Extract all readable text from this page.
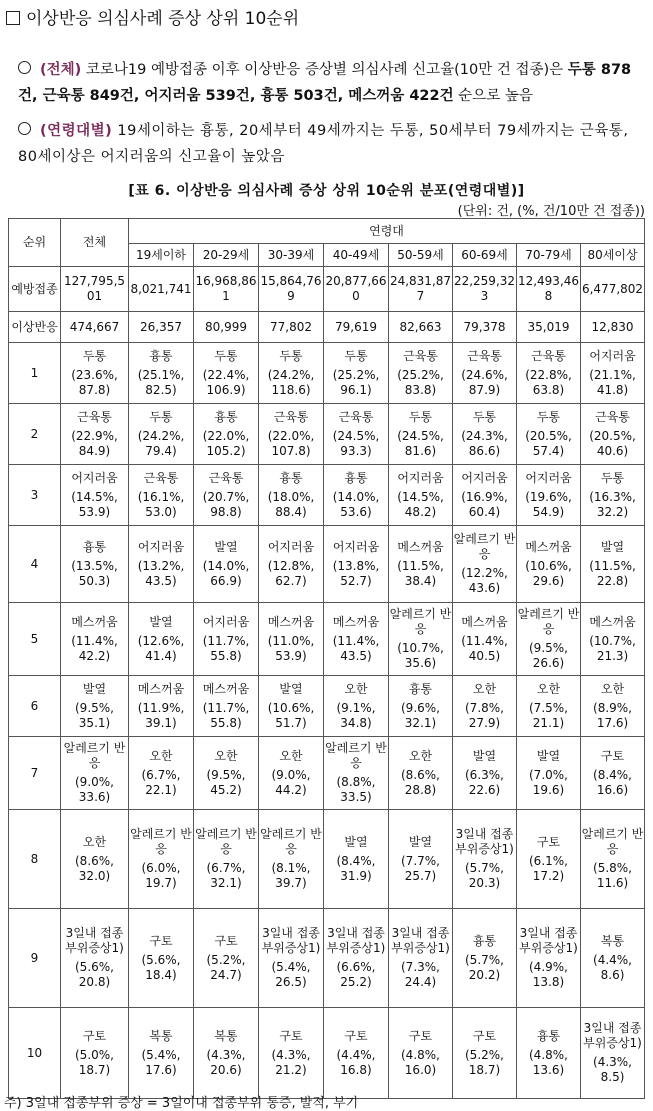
이상반응 의심사례 증상 상위 10순위
(전체) 코로나19 예방접종 이후 이상반응 증상별 의심사례 신고율(10만 건 접종)은 두통 878건, 근육통 849건, 어지러움 539건, 흉통 503건, 메스꺼움 422건 순으로 높음
(연령대별) 19세이하는 흉통, 20세부터 49세까지는 두통, 50세부터 79세까지는 근육통, 80세이상은 어지러움의 신고율이 높았음
[표 6. 이상반응 의심사례 증상 상위 10순위 분포(연령대별)]
(단위: 건, (%, 건/10만 건 접종))
순위	전체	연령대							
		19세이하	20-29세	30-39세	40-49세	50-59세	60-69세	70-79세	80세이상
예방접종	127,795,501	8,021,741	16,968,861	15,864,769	20,877,660	24,831,877	22,259,323	12,493,468	6,477,802
이상반응	474,667	26,357	80,999	77,802	79,619	82,663	79,378	35,019	12,830
1	두통
(23.6%,
87.8)	흉통
(25.1%,
82.5)	두통
(22.4%,
106.9)	두통
(24.2%,
118.6)	두통
(25.2%,
96.1)	근육통
(25.2%,
83.8)	근육통
(24.6%,
87.9)	근육통
(22.8%,
63.8)	어지러움
(21.1%,
41.8)

2	근육통
(22.9%,
84.9)	두통
(24.2%,
79.4)	흉통
(22.0%,
105.2)	근육통
(22.0%,
107.8)	근육통
(24.5%,
93.3)	두통
(24.5%,
81.6)	두통
(24.3%,
86.6)	두통
(20.5%,
57.4)	근육통
(20.5%,
40.6)

3	어지러움
(14.5%,
53.9)	근육통
(16.1%,
53.0)	근육통
(20.7%,
98.8)	흉통
(18.0%,
88.4)	흉통
(14.0%,
53.6)	어지러움
(14.5%,
48.2)	어지러움
(16.9%,
60.4)	어지러움
(19.6%,
54.9)	두통
(16.3%,
32.2)

4	흉통
(13.5%,
50.3)	어지러움
(13.2%,
43.5)	발열
(14.0%,
66.9)	어지러움
(12.8%,
62.7)	어지러움
(13.8%,
52.7)	메스꺼움
(11.5%,
38.4)	알레르기 반응
(12.2%,
43.6)	메스꺼움
(10.6%,
29.6)	발열
(11.5%,
22.8)

5	메스꺼움
(11.4%,
42.2)	발열
(12.6%,
41.4)	어지러움
(11.7%,
55.8)	메스꺼움
(11.0%,
53.9)	메스꺼움
(11.4%,
43.5)	알레르기 반응
(10.7%,
35.6)	메스꺼움
(11.4%,
40.5)	알레르기 반응
(9.5%,
26.6)	메스꺼움
(10.7%,
21.3)

6	발열
(9.5%,
35.1)	메스꺼움
(11.9%,
39.1)	메스꺼움
(11.7%,
55.8)	발열
(10.6%,
51.7)	오한
(9.1%,
34.8)	흉통
(9.6%,
32.1)	오한
(7.8%,
27.9)	오한
(7.5%,
21.1)	오한
(8.9%,
17.6)

7	알레르기 반응
(9.0%,
33.6)	오한
(6.7%,
22.1)	오한
(9.5%,
45.2)	오한
(9.0%,
44.2)	알레르기 반응
(8.8%,
33.5)	오한
(8.6%,
28.8)	발열
(6.3%,
22.6)	발열
(7.0%,
19.6)	구토
(8.4%,
16.6)

8	오한
(8.6%,
32.0)	알레르기 반응
(6.0%,
19.7)	알레르기 반응
(6.7%,
32.1)	알레르기 반응
(8.1%,
39.7)	발열
(8.4%,
31.9)	발열
(7.7%,
25.7)	3일내 접종부위증상1)
(5.7%,
20.3)	구토
(6.1%,
17.2)	알레르기 반응
(5.8%,
11.6)

9	3일내 접종부위증상1)
(5.6%,
20.8)	구토
(5.6%,
18.4)	구토
(5.2%,
24.7)	3일내 접종부위증상1)
(5.4%,
26.5)	3일내 접종부위증상1)
(6.6%,
25.2)	3일내 접종부위증상1)
(7.3%,
24.4)	흉통
(5.7%,
20.2)	3일내 접종부위증상1)
(4.9%,
13.8)	복통
(4.4%,
8.6)

10	구토
(5.0%,
18.7)	복통
(5.4%,
17.6)	복통
(4.3%,
20.6)	구토
(4.3%,
21.2)	구토
(4.4%,
16.8)	구토
(4.8%,
16.0)	구토
(5.2%,
18.7)	흉통
(4.8%,
13.6)	3일내 접종부위증상1)
(4.3%,
8.5)
주) 3일내 접종부위 증상 = 3일이내 접종부위 통증, 발적, 부기
